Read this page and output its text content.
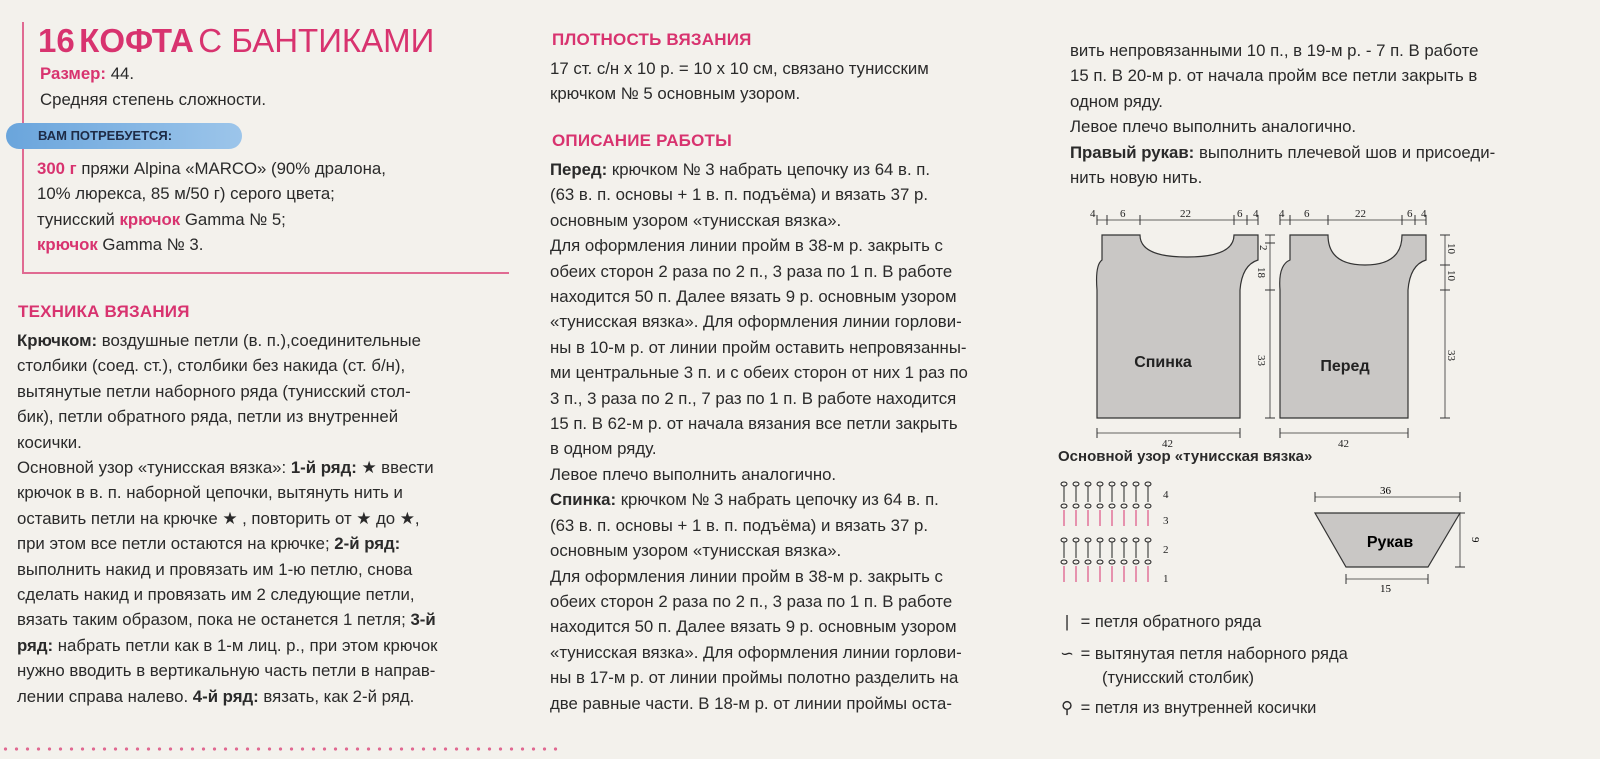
16 КОФТА С БАНТИКАМИ
Размер: 44.
Средняя степень сложности.
ВАМ ПОТРЕБУЕТСЯ:
300 г пряжи Alpina «MARCO» (90% дралона,
10% люрекса, 85 м/50 г) серого цвета;
тунисский крючок Gamma № 5;
крючок Gamma № 3.
ТЕХНИКА ВЯЗАНИЯ
Крючком: воздушные петли (в. п.),соединительные
столбики (соед. ст.), столбики без накида (ст. б/н),
вытянутые петли наборного ряда (тунисский стол-
бик), петли обратного ряда, петли из внутренней
косички.
Основной узор «тунисская вязка»: 1-й ряд: ★ ввести
крючок в в. п. наборной цепочки, вытянуть нить и
оставить петли на крючке ★ , повторить от ★ до ★,
при этом все петли остаются на крючке; 2-й ряд:
выполнить накид и провязать им 1-ю петлю, снова
сделать накид и провязать им 2 следующие петли,
вязать таким образом, пока не останется 1 петля; 3-й
ряд: набрать петли как в 1-м лиц. р., при этом крючок
нужно вводить в вертикальную часть петли в направ-
лении справа налево. 4-й ряд: вязать, как 2-й ряд.
ПЛОТНОСТЬ ВЯЗАНИЯ
17 ст. с/н х 10 р. = 10 х 10 см, связано тунисским
крючком № 5 основным узором.
ОПИСАНИЕ РАБОТЫ
Перед: крючком № 3 набрать цепочку из 64 в. п.
(63 в. п. основы + 1 в. п. подъёма) и вязать 37 р.
основным узором «тунисская вязка».
Для оформления линии пройм в 38-м р. закрыть с
обеих сторон 2 раза по 2 п., 3 раза по 1 п. В работе
находится 50 п. Далее вязать 9 р. основным узором
«тунисская вязка». Для оформления линии горлови-
ны в 10-м р. от линии пройм оставить непровязанны-
ми центральные 3 п. и с обеих сторон от них 1 раз по
3 п., 3 раза по 2 п., 7 раз по 1 п. В работе находится
15 п. В 62-м р. от начала вязания все петли закрыть
в одном ряду.
Левое плечо выполнить аналогично.
Спинка: крючком № 3 набрать цепочку из 64 в. п.
(63 в. п. основы + 1 в. п. подъёма) и вязать 37 р.
основным узором «тунисская вязка».
Для оформления линии пройм в 38-м р. закрыть с
обеих сторон 2 раза по 2 п., 3 раза по 1 п. В работе
находится 50 п. Далее вязать 9 р. основным узором
«тунисская вязка». Для оформления линии горлови-
ны в 17-м р. от линии проймы полотно разделить на
две равные части. В 18-м р. от линии проймы оста-
вить непровязанными 10 п., в 19-м р. - 7 п. В работе
15 п. В 20-м р. от начала пройм все петли закрыть в
одном ряду.
Левое плечо выполнить аналогично.
Правый рукав: выполнить плечевой шов и присоеди-
нить новую нить.
4 6	22	6 4 4 6	22	6 4
2
18
33
10
10
33
42	42
Спинка	Перед
Основной узор «тунисская вязка»
4
3
2
1
36
15
9
Рукав
| = петля обратного ряда
∽ = вытянутая петля наборного ряда
(тунисский столбик)
⚲ = петля из внутренней косички
